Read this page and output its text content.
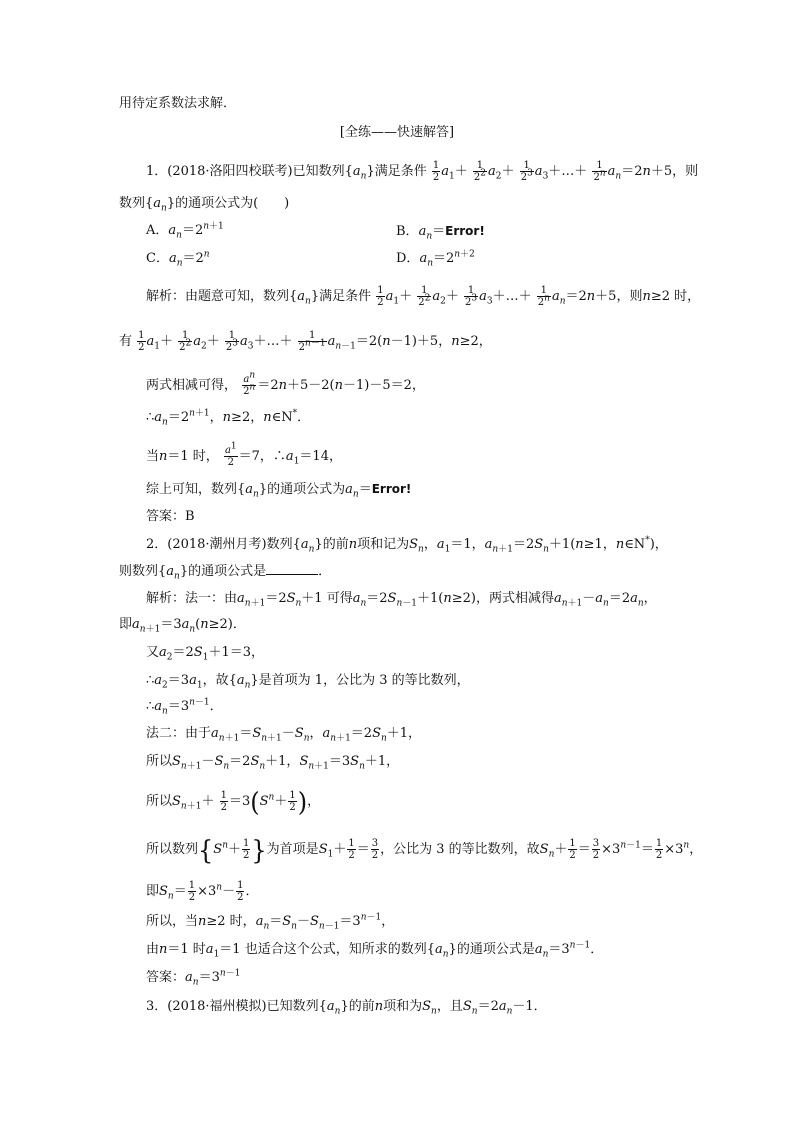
用待定系数法求解．
[全练——快速解答]
1．(2018·洛阳四校联考)已知数列$\{a_n\}$满足条件 $\frac{1}{2} a_1+ \frac{1}{2^2} a_2+ \frac{1}{2^3}$ $a_3+\dots+ \frac{1}{2^n} a_n=2n+5$，则
数列$\{a_n\}$的通项公式为(　　)
A．$a_n=2^{n+1}$	B．$a_n=Error$!
C．$a_n=2^n$	D．$a_n=2^{n+2}$
解析：由题意可知，数列$\{a_n\}$满足条件 $\frac{1}{2} a_1+ \frac{1}{2^2} a_2+ \frac{1}{2^3}$ $a_3+\dots+ \frac{1}{2^n} a_n=2n+5$，则n≥2 时，
有 $\frac{1}{2} a_1+ \frac{1}{2^2} a_2+ \frac{1}{2^3}$ $a_3+\dots+ \frac{1}{2^{n-1}} a_{n-1}=2(n-1)+5$，n≥2，
两式相减可得， $\frac{a^n}{2^n} =2n+5-2(n-1)-5=2$，
$\therefore a_n=2^{n+1}$，n≥2，n∈N*．
当n＝1 时， $\frac{a^1}{2} =7$，$\therefore a_1=14$，
综上可知，数列$\{a_n\}$的通项公式为$a_n=Error$!
答案：B
2．(2018·潮州月考)数列$\{a_n\}$的前n项和记为$S_n$，$a_1=1$，$a_{n+1}=2S_n+1(n\ge 1$，n∈N*)，
则数列$\{a_n\}$的通项公式是	．
解析：法一：由$a_{n+1}=2S_n+1$ 可得$a_n=2S_{n-1}+1(n\ge 2)$，两式相减得$a_{n+1}-a_n=2a_n$，
即$a_{n+1}=3a_n(n\ge 2)$．
又$a_2=2S_1+1=3$，
$\therefore a_2=3a_1$，故$\{a_n\}$是首项为 1，公比为 3 的等比数列，
$\therefore a_n=3^{n-1}$．
法二：由于$a_{n+1}=S_{n+1}-S_n$，$a_{n+1}=2S_n+1$，
所以$S_{n+1}-S_n=2S_n+1$，$S_{n+1}=3S_n+1$，
所以$S_{n+1}+ \frac{1}{2} =3(S^n+ \frac{1}{2}$ )，
所以数列{$S^n+ \frac{1}{2}$ }为首项是$S_1+ \frac{1}{2} = \frac{3}{2}$ ，公比为 3 的等比数列，故$S_n+ \frac{1}{2} = \frac{3}{2} \times 3^{n-1}= \frac{1}{2} \times 3^n$，
即$S_n= \frac{1}{2} \times 3^n- \frac{1}{2}$ ．
所以，当n≥2 时，$a_n=S_n-S_{n-1}=3^{n-1}$，
由n＝1 时$a_1=1$ 也适合这个公式，知所求的数列$\{a_n\}$的通项公式是$a_n=3^{n-1}$．
答案：$a_n=3^{n-1}$
3．(2018·福州模拟)已知数列$\{a_n\}$的前n项和为$S_n$，且$S_n=2a_n-1$．
